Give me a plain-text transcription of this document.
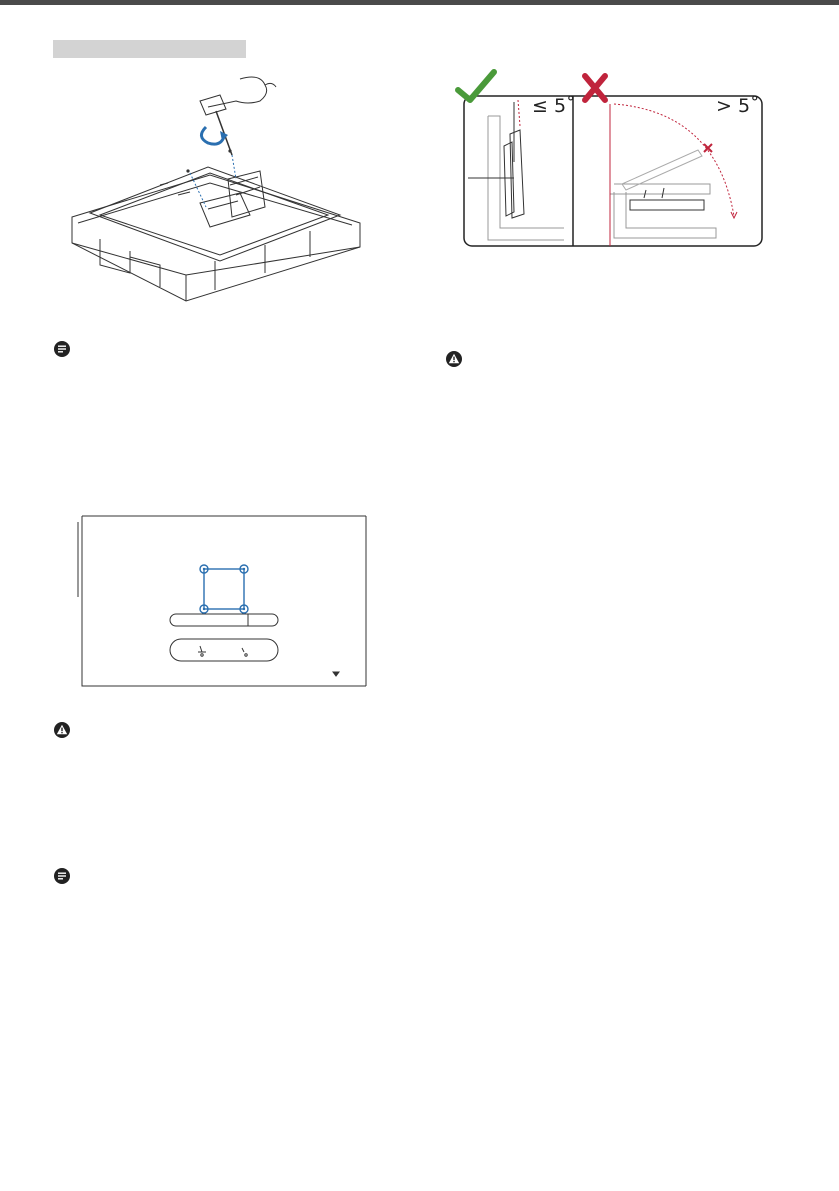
≤ 5˚	> 5˚
